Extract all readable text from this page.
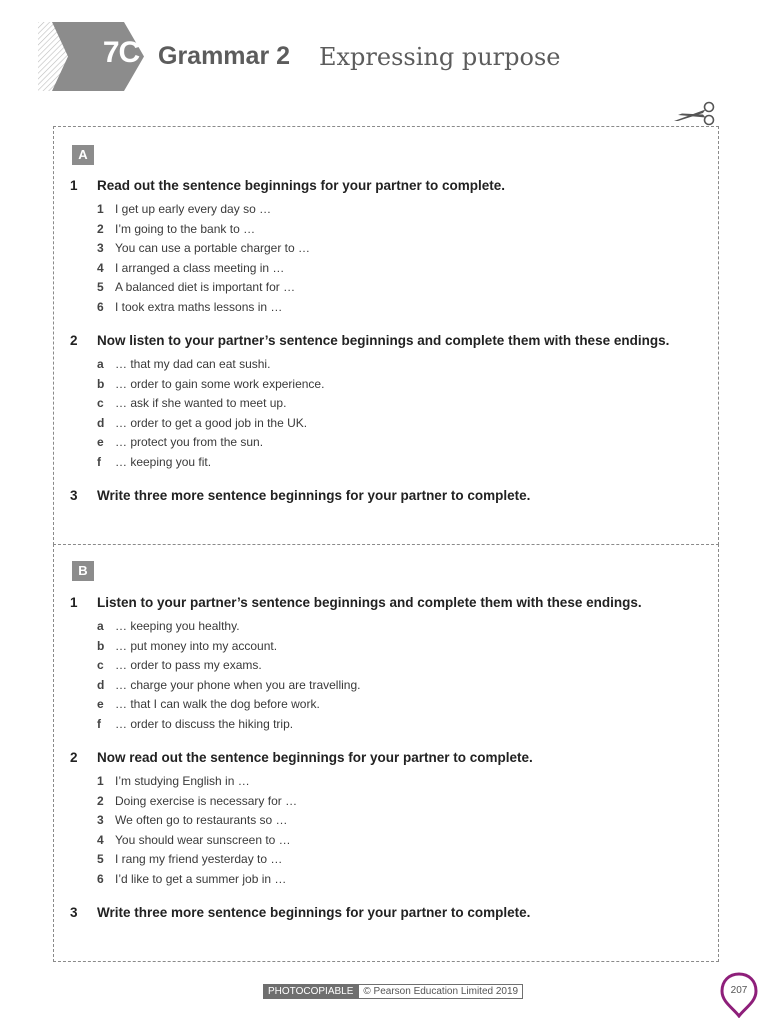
7C Grammar 2 Expressing purpose
A
1 Read out the sentence beginnings for your partner to complete.
1 I get up early every day so …
2 I’m going to the bank to …
3 You can use a portable charger to …
4 I arranged a class meeting in …
5 A balanced diet is important for …
6 I took extra maths lessons in …
2 Now listen to your partner’s sentence beginnings and complete them with these endings.
a … that my dad can eat sushi.
b … order to gain some work experience.
c … ask if she wanted to meet up.
d … order to get a good job in the UK.
e … protect you from the sun.
f … keeping you fit.
3 Write three more sentence beginnings for your partner to complete.
B
1 Listen to your partner’s sentence beginnings and complete them with these endings.
a … keeping you healthy.
b … put money into my account.
c … order to pass my exams.
d … charge your phone when you are travelling.
e … that I can walk the dog before work.
f … order to discuss the hiking trip.
2 Now read out the sentence beginnings for your partner to complete.
1 I’m studying English in …
2 Doing exercise is necessary for …
3 We often go to restaurants so …
4 You should wear sunscreen to …
5 I rang my friend yesterday to …
6 I’d like to get a summer job in …
3 Write three more sentence beginnings for your partner to complete.
PHOTOCOPIABLE	© Pearson Education Limited 2019	207
